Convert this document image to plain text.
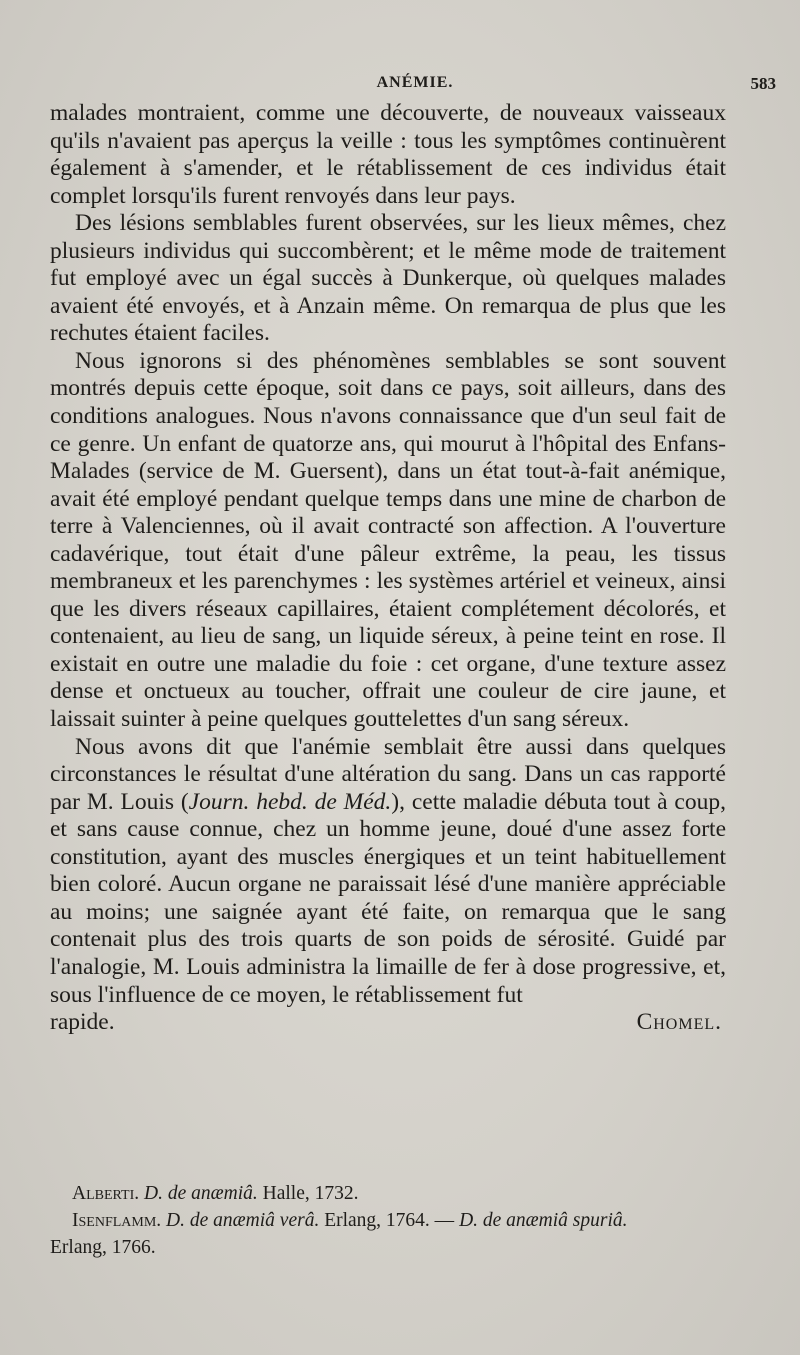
ANÉMIE.	583

malades montraient, comme une découverte, de nouveaux vaisseaux qu'ils n'avaient pas aperçus la veille : tous les symptômes continuèrent également à s'amender, et le rétablissement de ces individus était complet lorsqu'ils furent renvoyés dans leur pays.

Des lésions semblables furent observées, sur les lieux mêmes, chez plusieurs individus qui succombèrent; et le même mode de traitement fut employé avec un égal succès à Dunkerque, où quelques malades avaient été envoyés, et à Anzain même. On remarqua de plus que les rechutes étaient faciles.

Nous ignorons si des phénomènes semblables se sont souvent montrés depuis cette époque, soit dans ce pays, soit ailleurs, dans des conditions analogues. Nous n'avons connaissance que d'un seul fait de ce genre. Un enfant de quatorze ans, qui mourut à l'hôpital des Enfans-Malades (service de M. Guersent), dans un état tout-à-fait anémique, avait été employé pendant quelque temps dans une mine de charbon de terre à Valenciennes, où il avait contracté son affection. A l'ouverture cadavérique, tout était d'une pâleur extrême, la peau, les tissus membraneux et les parenchymes : les systèmes artériel et veineux, ainsi que les divers réseaux capillaires, étaient complétement décolorés, et contenaient, au lieu de sang, un liquide séreux, à peine teint en rose. Il existait en outre une maladie du foie : cet organe, d'une texture assez dense et onctueux au toucher, offrait une couleur de cire jaune, et laissait suinter à peine quelques gouttelettes d'un sang séreux.

Nous avons dit que l'anémie semblait être aussi dans quelques circonstances le résultat d'une altération du sang. Dans un cas rapporté par M. Louis (Journ. hebd. de Méd.), cette maladie débuta tout à coup, et sans cause connue, chez un homme jeune, doué d'une assez forte constitution, ayant des muscles énergiques et un teint habituellement bien coloré. Aucun organe ne paraissait lésé d'une manière appréciable au moins; une saignée ayant été faite, on remarqua que le sang contenait plus des trois quarts de son poids de sérosité. Guidé par l'analogie, M. Louis administra la limaille de fer à dose progressive, et, sous l'influence de ce moyen, le rétablissement fut

rapide.	Chomel.

Alberti. D. de anæmiâ. Halle, 1732.

Isenflamm. D. de anæmiâ verâ. Erlang, 1764. — D. de anæmiâ spuriâ.

Erlang, 1766.
